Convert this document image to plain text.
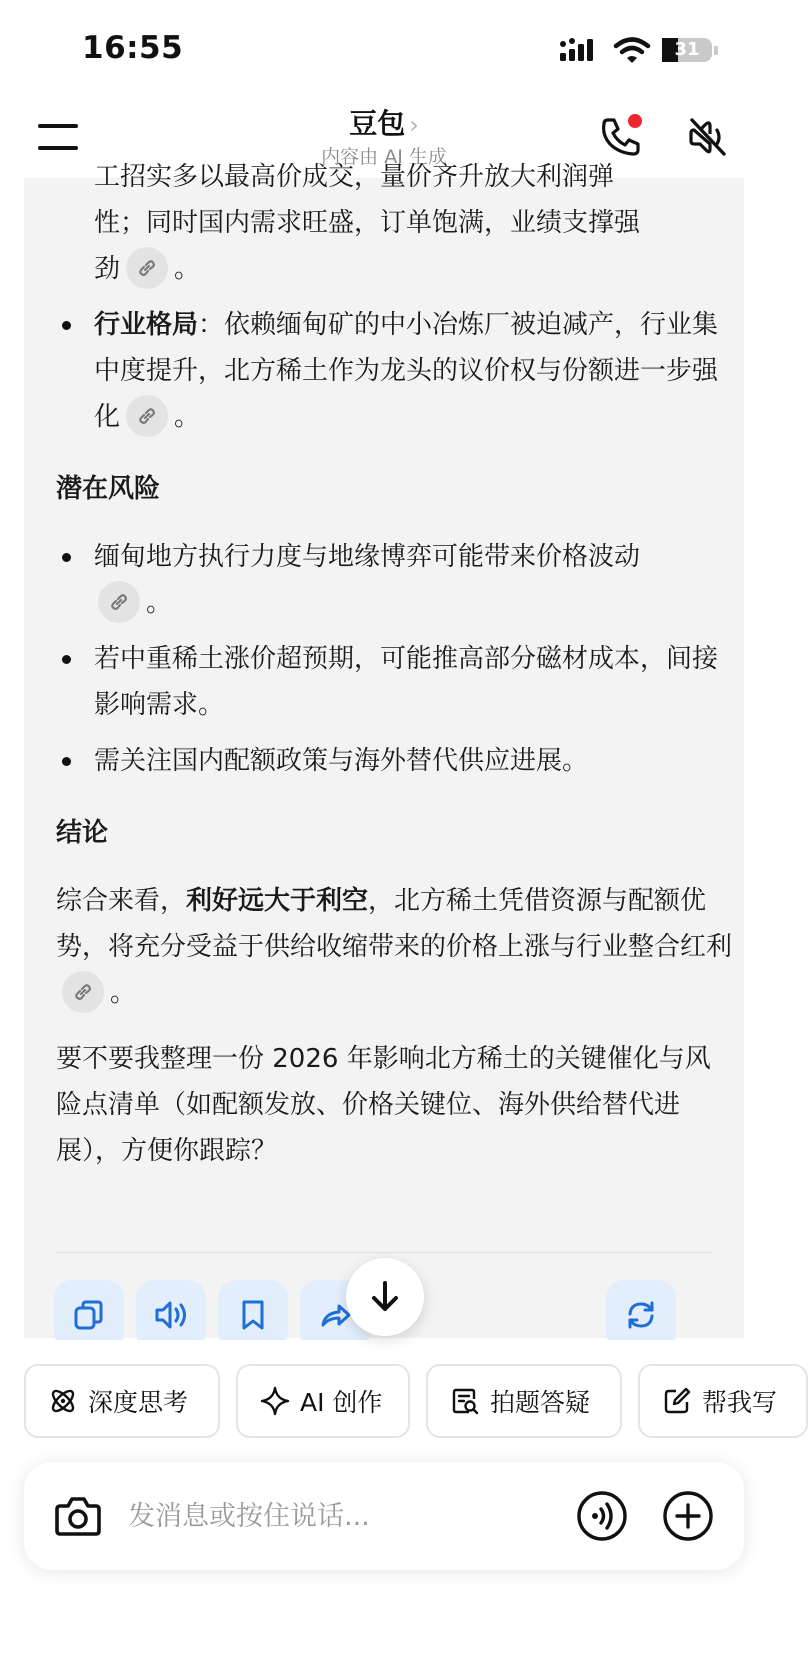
16:55	31
豆包 ›
内容由 AI 生成
工招实多以最高价成交，量价齐升放大利润弹
性；同时国内需求旺盛，订单饱满，业绩支撑强
劲 。
行业格局：依赖缅甸矿的中小冶炼厂被迫减产，行业集中度提升，北方稀土作为龙头的议价权与份额进一步强化 。
潜在风险
缅甸地方执行力度与地缘博弈可能带来价格波动

。
若中重稀土涨价超预期，可能推高部分磁材成本，间接影响需求。
需关注国内配额政策与海外替代供应进展。
结论

综合来看，利好远大于利空，北方稀土凭借资源与配额优势，将充分受益于供给收缩带来的价格上涨与行业整合红利
。

要不要我整理一份 2026 年影响北方稀土的关键催化与风险点清单（如配额发放、价格关键位、海外供给替代进展），方便你跟踪？

深度思考	AI 创作	拍题答疑	帮我写
发消息或按住说话...
